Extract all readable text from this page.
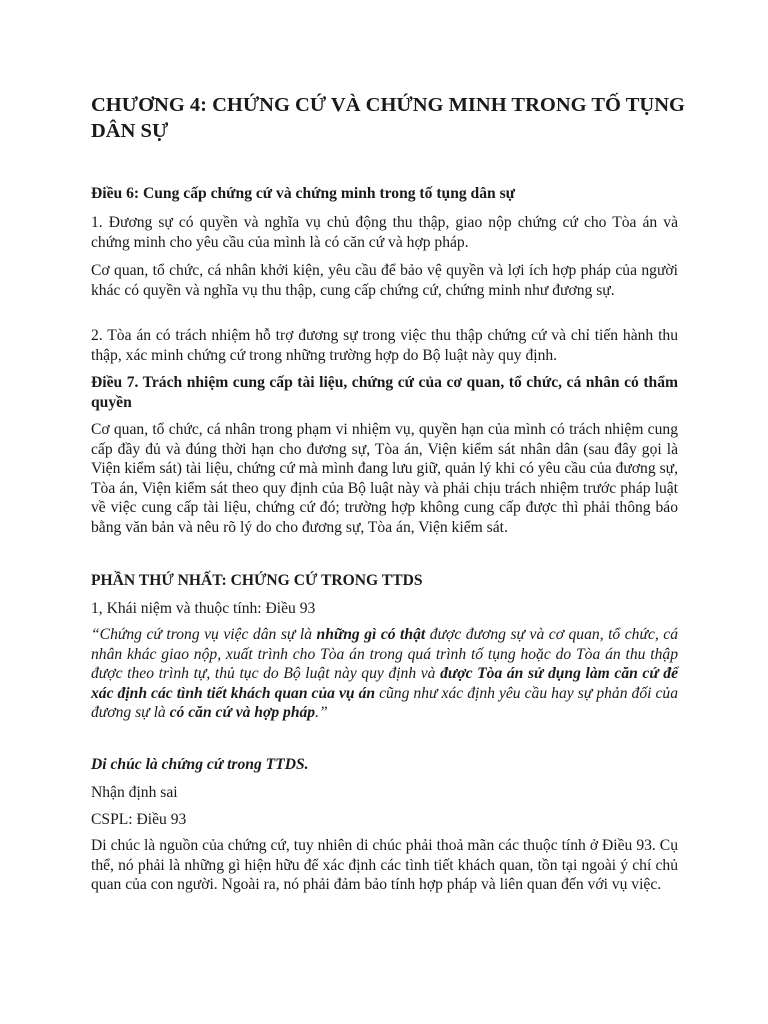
CHƯƠNG 4: CHỨNG CỨ VÀ CHỨNG MINH TRONG TỐ TỤNG
DÂN SỰ

Điều 6: Cung cấp chứng cứ và chứng minh trong tố tụng dân sự

1. Đương sự có quyền và nghĩa vụ chủ động thu thập, giao nộp chứng cứ cho Tòa án và chứng minh cho yêu cầu của mình là có căn cứ và hợp pháp.

Cơ quan, tổ chức, cá nhân khởi kiện, yêu cầu để bảo vệ quyền và lợi ích hợp pháp của người khác có quyền và nghĩa vụ thu thập, cung cấp chứng cứ, chứng minh như đương sự.

2. Tòa án có trách nhiệm hỗ trợ đương sự trong việc thu thập chứng cứ và chỉ tiến hành thu thập, xác minh chứng cứ trong những trường hợp do Bộ luật này quy định.

Điều 7. Trách nhiệm cung cấp tài liệu, chứng cứ của cơ quan, tổ chức, cá nhân có thẩm quyền

Cơ quan, tổ chức, cá nhân trong phạm vi nhiệm vụ, quyền hạn của mình có trách nhiệm cung cấp đầy đủ và đúng thời hạn cho đương sự, Tòa án, Viện kiểm sát nhân dân (sau đây gọi là Viện kiểm sát) tài liệu, chứng cứ mà mình đang lưu giữ, quản lý khi có yêu cầu của đương sự, Tòa án, Viện kiểm sát theo quy định của Bộ luật này và phải chịu trách nhiệm trước pháp luật về việc cung cấp tài liệu, chứng cứ đó; trường hợp không cung cấp được thì phải thông báo bằng văn bản và nêu rõ lý do cho đương sự, Tòa án, Viện kiểm sát.

PHẦN THỨ NHẤT: CHỨNG CỨ TRONG TTDS

1, Khái niệm và thuộc tính: Điều 93

“Chứng cứ trong vụ việc dân sự là những gì có thật được đương sự và cơ quan, tổ chức, cá nhân khác giao nộp, xuất trình cho Tòa án trong quá trình tố tụng hoặc do Tòa án thu thập được theo trình tự, thủ tục do Bộ luật này quy định và được Tòa án sử dụng làm căn cứ để xác định các tình tiết khách quan của vụ án cũng như xác định yêu cầu hay sự phản đối của đương sự là có căn cứ và hợp pháp.”

Di chúc là chứng cứ trong TTDS.

Nhận định sai

CSPL: Điều 93

Di chúc là nguồn của chứng cứ, tuy nhiên di chúc phải thoả mãn các thuộc tính ở Điều 93. Cụ thể, nó phải là những gì hiện hữu để xác định các tình tiết khách quan, tồn tại ngoài ý chí chủ quan của con người. Ngoài ra, nó phải đảm bảo tính hợp pháp và liên quan đến với vụ việc.
